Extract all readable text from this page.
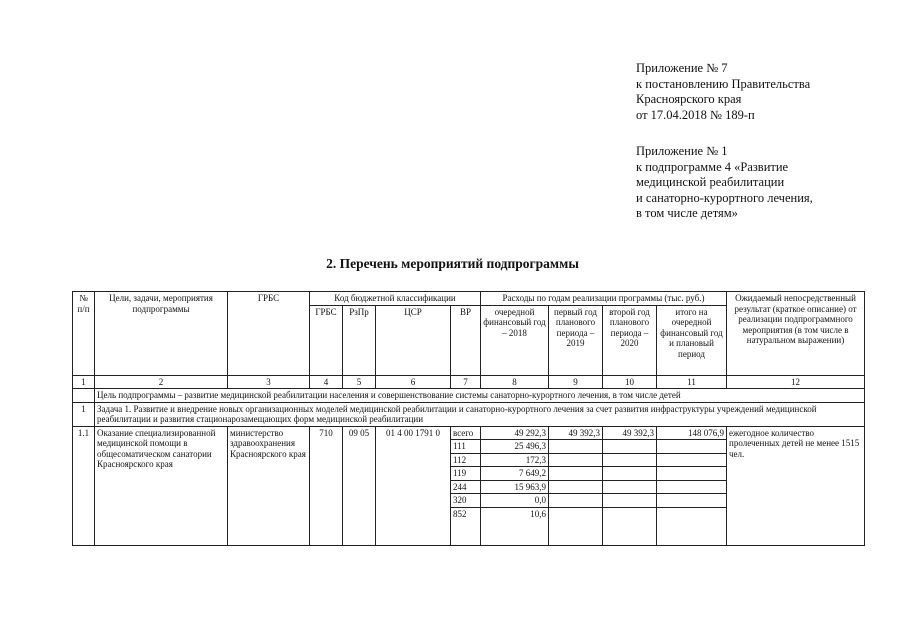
Приложение № 7
к постановлению Правительства
Красноярского края
от 17.04.2018 № 189-п
Приложение № 1
к подпрограмме 4 «Развитие
медицинской реабилитации
и санаторно-курортного лечения,
в том числе детям»
2. Перечень мероприятий подпрограммы
№ п/п	Цели, задачи, мероприятия подпрограммы	ГРБС	Код бюджетной классификации				Расходы по годам реализации программы (тыс. руб.)				Ожидаемый непосредственный результат (краткое описание) от реализации подпрограммного мероприятия (в том числе в натуральном выражении)
			ГРБС	РзПр	ЦСР	ВР	очередной финансовый год – 2018	первый год планового периода – 2019	второй год планового периода – 2020	итого на очередной финансовый год и плановый период	
1	2	3	4	5	6	7	8	9	10	11	12
	Цель подпрограммы – развитие медицинской реабилитации населения и совершенствование системы санаторно-курортного лечения, в том числе детей										
1	Задача 1. Развитие и внедрение новых организационных моделей медицинской реабилитации и санаторно-курортного лечения за счет развития инфраструктуры учреждений медицинской реабилитации и развития стационарозамещающих форм медицинской реабилитации										
1.1	Оказание специализированной медицинской помощи в общесоматическом санатории Красноярского края	министерство здравоохранения Красноярского края	710	09 05	01 4 00 1791 0	всего	49 292,3	49 392,3	49 392,3	148 076,9	ежегодное количество пролеченных детей не менее 1515 чел.
						111	25 496,3				
						112	172,3				
						119	7 649,2				
						244	15 963,9				
						320	0,0				
						852	10,6				
